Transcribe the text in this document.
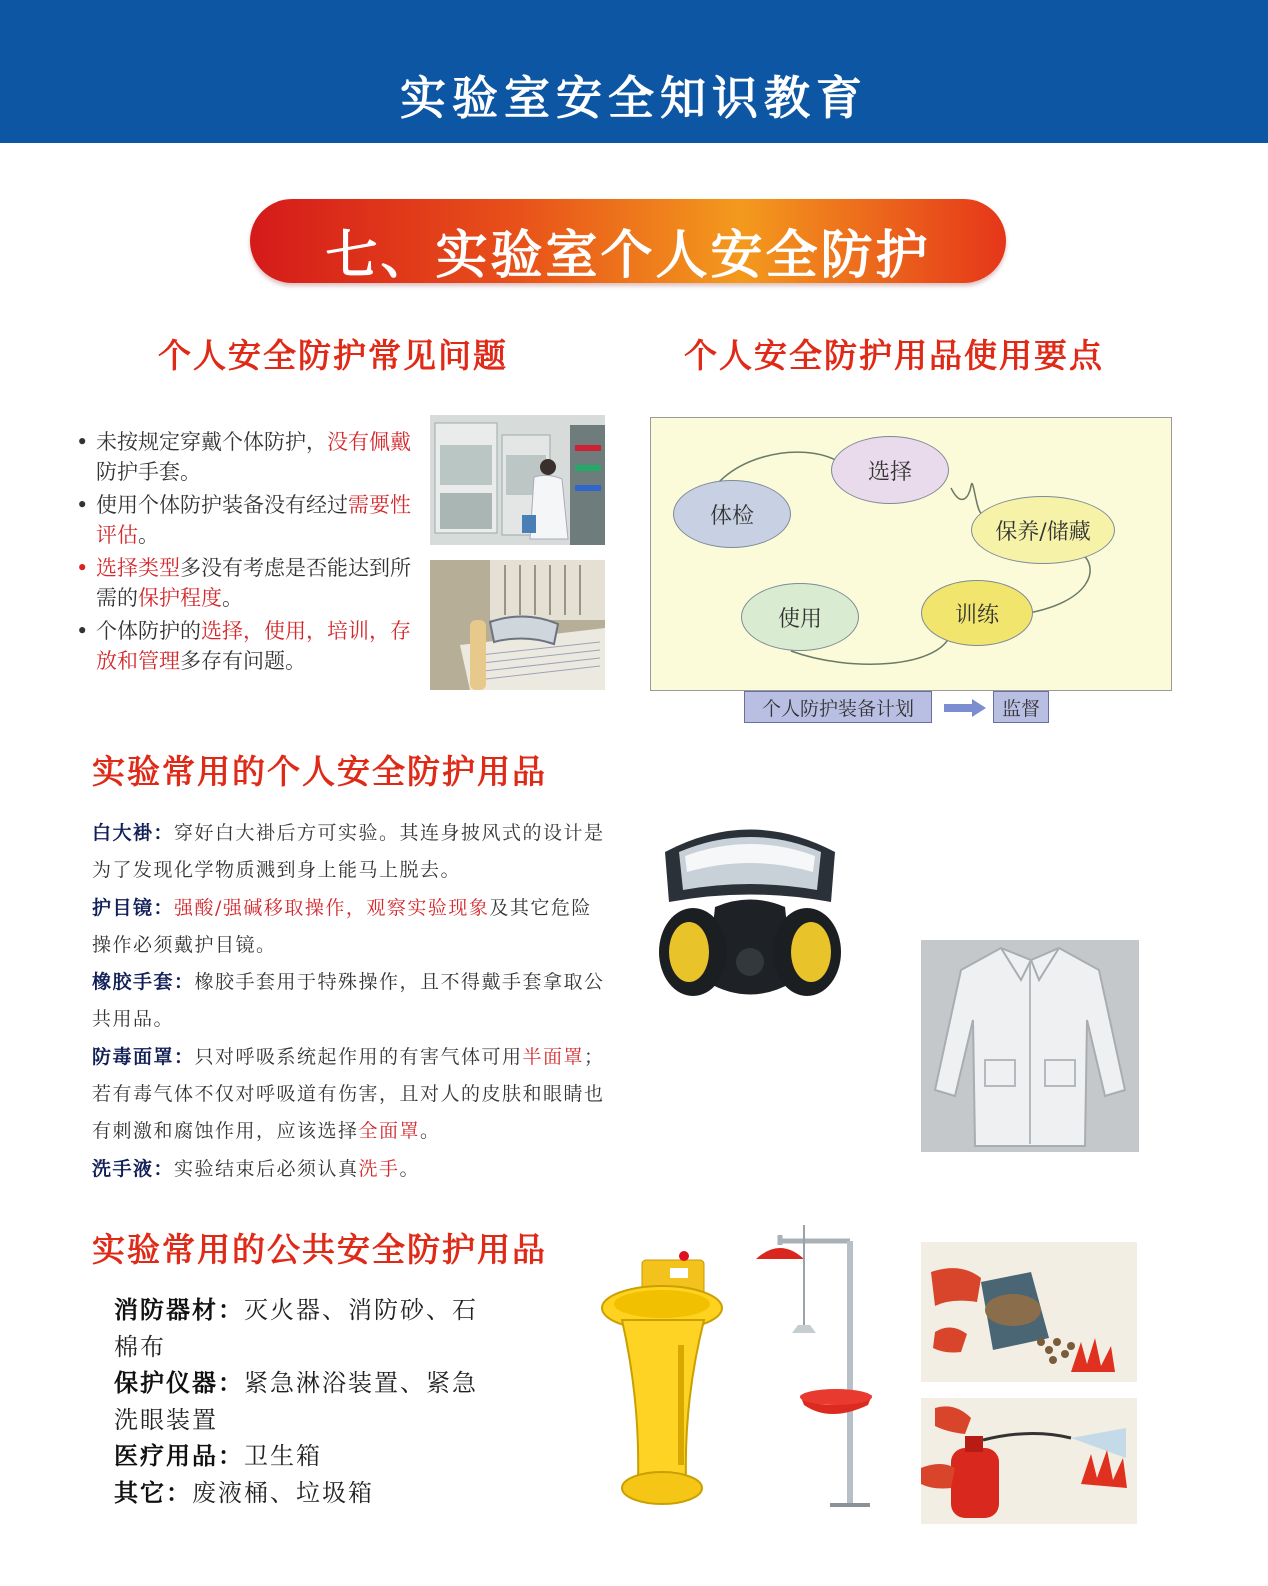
实验室安全知识教育
七、实验室个人安全防护
个人安全防护常见问题
• 未按规定穿戴个体防护，没有佩戴防护手套。
• 使用个体防护装备没有经过需要性评估。
• 选择类型多没有考虑是否能达到所需的保护程度。
• 个体防护的选择，使用，培训，存放和管理多存有问题。
个人安全防护用品使用要点
体检
选择
保养/储藏
使用	训练
个人防护装备计划	监督
实验常用的个人安全防护用品
白大褂：穿好白大褂后方可实验。其连身披风式的设计是为了发现化学物质溅到身上能马上脱去。
护目镜：强酸/强碱移取操作，观察实验现象及其它危险操作必须戴护目镜。
橡胶手套：橡胶手套用于特殊操作，且不得戴手套拿取公共用品。
防毒面罩：只对呼吸系统起作用的有害气体可用半面罩；若有毒气体不仅对呼吸道有伤害，且对人的皮肤和眼睛也有刺激和腐蚀作用，应该选择全面罩。
洗手液：实验结束后必须认真洗手。
实验常用的公共安全防护用品
消防器材：灭火器、消防砂、石棉布
保护仪器：紧急淋浴装置、紧急洗眼装置
医疗用品：卫生箱
其它：废液桶、垃圾箱
